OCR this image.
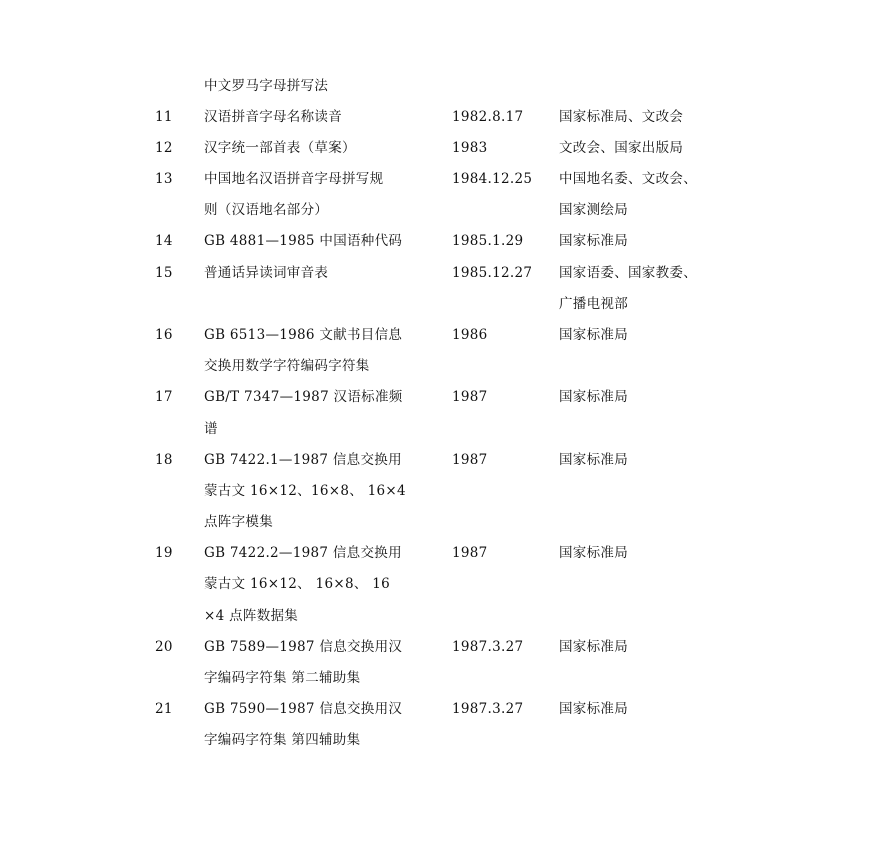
中文罗马字母拼写法
11	汉语拼音字母名称读音	1982.8.17	国家标准局、文改会
12	汉字统一部首表（草案）	1983	文改会、国家出版局
13	中国地名汉语拼音字母拼写规	1984.12.25	中国地名委、文改会、
则（汉语地名部分）	国家测绘局
14	GB 4881—1985 中国语种代码	1985.1.29	国家标准局
15	普通话异读词审音表	1985.12.27	国家语委、国家教委、
广播电视部
16	GB 6513—1986 文献书目信息	1986	国家标准局
交换用数学字符编码字符集
17	GB/T 7347—1987 汉语标准频	1987	国家标准局
谱
18	GB 7422.1—1987 信息交换用	1987	国家标准局
蒙古文 16×12、16×8、 16×4
点阵字模集
19	GB 7422.2—1987 信息交换用	1987	国家标准局
蒙古文 16×12、 16×8、 16
×4 点阵数据集
20	GB 7589—1987 信息交换用汉	1987.3.27	国家标准局
字编码字符集 第二辅助集
21	GB 7590—1987 信息交换用汉	1987.3.27	国家标准局
字编码字符集 第四辅助集
